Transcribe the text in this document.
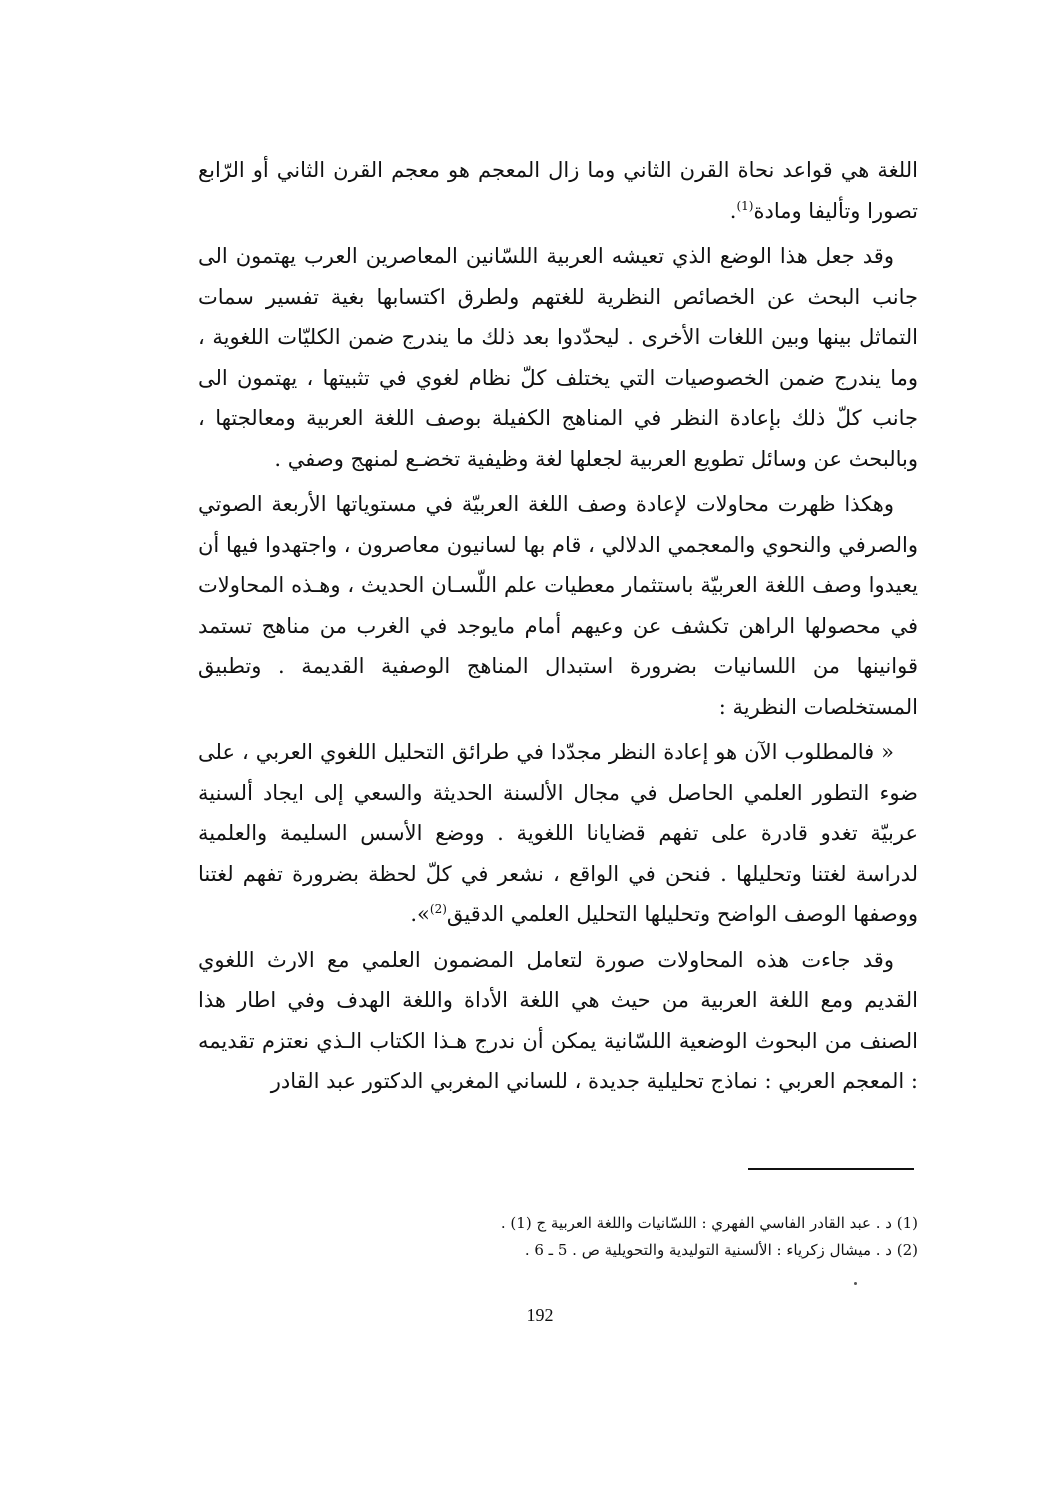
اللغة هي قواعد نحاة القرن الثاني وما زال المعجم هو معجم القرن الثاني أو الرّابع تصورا وتأليفا ومادة$^{(1)}$.

وقد جعل هذا الوضع الذي تعيشه العربية اللسّانين المعاصرين العرب يهتمون الى جانب البحث عن الخصائص النظرية للغتهم ولطرق اكتسابها بغية تفسير سمات التماثل بينها وبين اللغات الأخرى . ليحدّدوا بعد ذلك ما يندرج ضمن الكليّات اللغوية ، وما يندرج ضمن الخصوصيات التي يختلف كلّ نظام لغوي في تثبيتها ، يهتمون الى جانب كلّ ذلك بإعادة النظر في المناهج الكفيلة بوصف اللغة العربية ومعالجتها ، وبالبحث عن وسائل تطويع العربية لجعلها لغة وظيفية تخضـع لمنهج وصفي .

وهكذا ظهرت محاولات لإعادة وصف اللغة العربيّة في مستوياتها الأربعة الصوتي والصرفي والنحوي والمعجمي الدلالي ، قام بها لسانيون معاصرون ، واجتهدوا فيها أن يعيدوا وصف اللغة العربيّة باستثمار معطيات علم اللّسـان الحديث ، وهـذه المحاولات في محصولها الراهن تكشف عن وعيهم أمام مايوجد في الغرب من مناهج تستمد قوانينها من اللسانيات بضرورة استبدال المناهج الوصفية القديمة . وتطبيق المستخلصات النظرية :

« فالمطلوب الآن هو إعادة النظر مجدّدا في طرائق التحليل اللغوي العربي ، على ضوء التطور العلمي الحاصل في مجال الألسنة الحديثة والسعي إلى ايجاد ألسنية عربيّة تغدو قادرة على تفهم قضايانا اللغوية . ووضع الأسس السليمة والعلمية لدراسة لغتنا وتحليلها . فنحن في الواقع ، نشعر في كلّ لحظة بضرورة تفهم لغتنا ووصفها الوصف الواضح وتحليلها التحليل العلمي الدقيق$^{(2)}$».

وقد جاءت هذه المحاولات صورة لتعامل المضمون العلمي مع الارث اللغوي القديم ومع اللغة العربية من حيث هي اللغة الأداة واللغة الهدف وفي اطار هذا الصنف من البحوث الوضعية اللسّانية يمكن أن ندرج هـذا الكتاب الـذي نعتزم تقديمه : المعجم العربي : نماذج تحليلية جديدة ، للساني المغربي الدكتور عبد القادر

(1) د . عبد القادر الفاسي الفهري : اللسّانيات واللغة العربية ج (1) .
(2) د . ميشال زكرياء : الألسنية التوليدية والتحويلية ص . 5 ـ 6 .
192
